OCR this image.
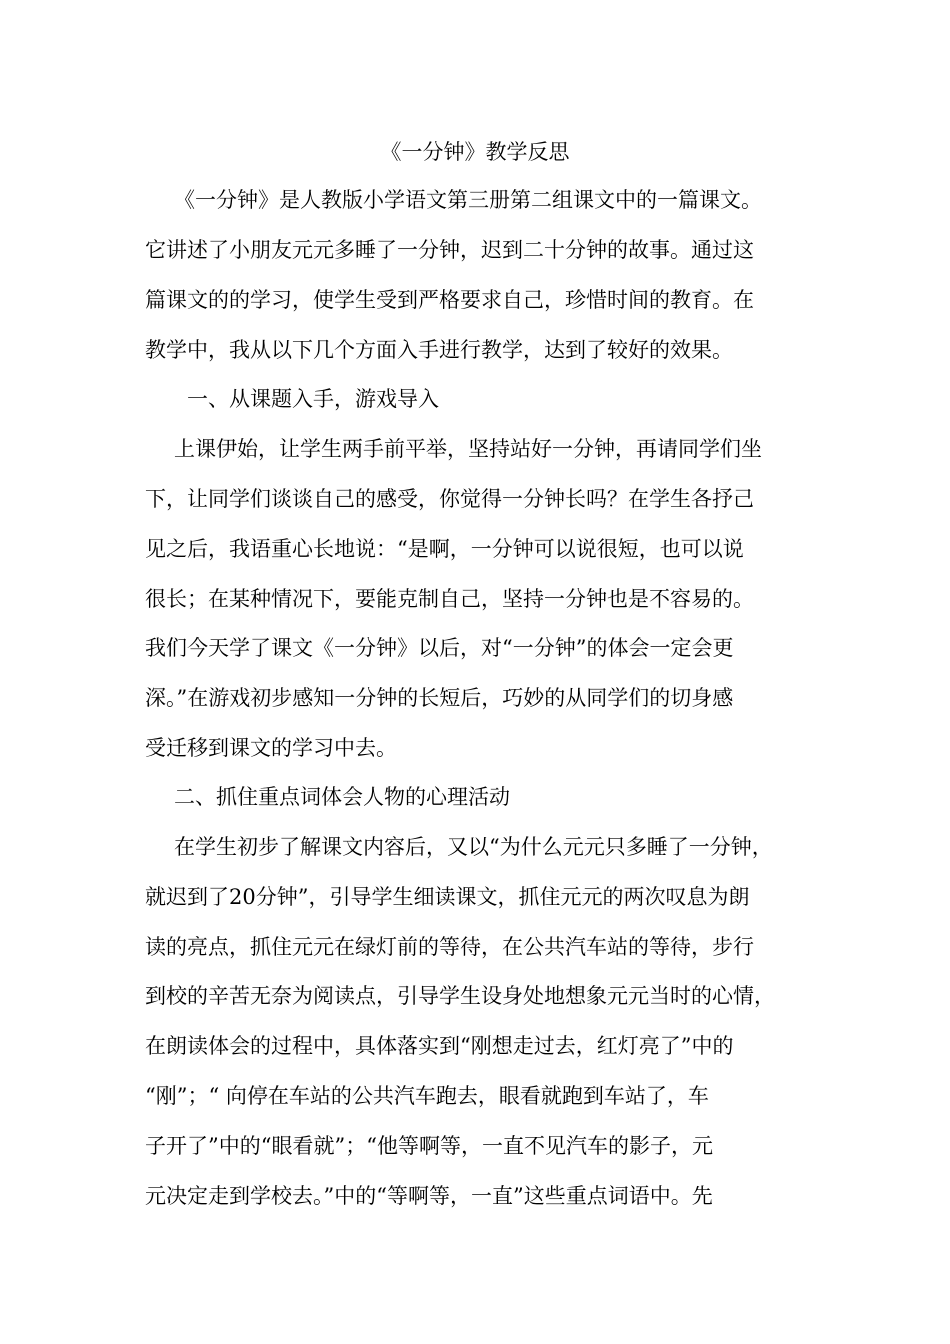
《一分钟》教学反思
《一分钟》是人教版小学语文第三册第二组课文中的一篇课文。
它讲述了小朋友元元多睡了一分钟，迟到二十分钟的故事。通过这
篇课文的的学习，使学生受到严格要求自己，珍惜时间的教育。在
教学中，我从以下几个方面入手进行教学，达到了较好的效果。
一、从课题入手，游戏导入
上课伊始，让学生两手前平举，坚持站好一分钟，再请同学们坐
下，让同学们谈谈自己的感受，你觉得一分钟长吗？在学生各抒己
见之后，我语重心长地说：“是啊，一分钟可以说很短，也可以说
很长；在某种情况下，要能克制自己，坚持一分钟也是不容易的。
我们今天学了课文《一分钟》以后，对“一分钟”的体会一定会更
深。”在游戏初步感知一分钟的长短后，巧妙的从同学们的切身感
受迁移到课文的学习中去。
二、抓住重点词体会人物的心理活动
在学生初步了解课文内容后，又以“为什么元元只多睡了一分钟，
就迟到了20分钟”，引导学生细读课文，抓住元元的两次叹息为朗
读的亮点，抓住元元在绿灯前的等待，在公共汽车站的等待，步行
到校的辛苦无奈为阅读点，引导学生设身处地想象元元当时的心情，
在朗读体会的过程中，具体落实到“刚想走过去，红灯亮了”中的
“刚”；“ 向停在车站的公共汽车跑去，眼看就跑到车站了，车
子开了”中的“眼看就”；“他等啊等，一直不见汽车的影子，元
元决定走到学校去。”中的“等啊等，一直”这些重点词语中。先
